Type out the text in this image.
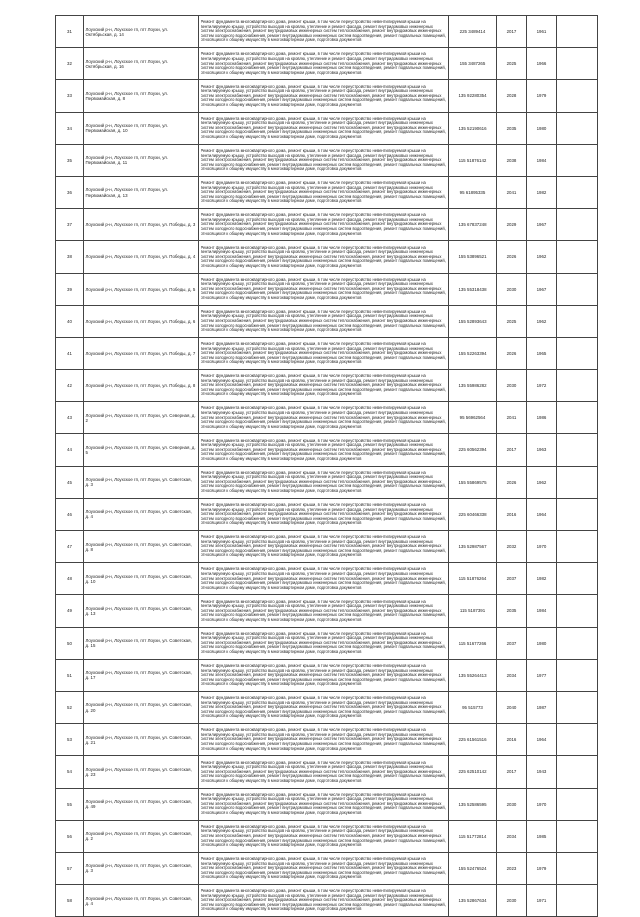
31	Лоухский р-н, Лоухское гп, пгт Лоухи, ул. Октябрьская, д. 14	Ремонт фундамента многоквартирного дома, ремонт крыши, в том числе переустройство невентилируемой крыши на вентилируемую крышу, устройство выходов на кровлю, утепление и ремонт фасада, ремонт внутридомовых инженерных систем электроснабжения, ремонт внутридомовых инженерных систем теплоснабжения, ремонт внутридомовых инженерных систем холодного водоснабжения, ремонт внутридомовых инженерных систем водоотведения, ремонт подвальных помещений, относящихся к общему имуществу в многоквартирном доме, подготовка документов	225 3489414	2017	1961	
32	Лоухский р-н, Лоухское гп, пгт Лоухи, ул. Октябрьская, д. 16	Ремонт фундамента многоквартирного дома, ремонт крыши, в том числе переустройство невентилируемой крыши на вентилируемую крышу, устройство выходов на кровлю, утепление и ремонт фасада, ремонт внутридомовых инженерных систем электроснабжения, ремонт внутридомовых инженерных систем теплоснабжения, ремонт внутридомовых инженерных систем холодного водоснабжения, ремонт внутридомовых инженерных систем водоотведения, ремонт подвальных помещений, относящихся к общему имуществу в многоквартирном доме, подготовка документов	155 3487265	2025	1966	
33	Лоухский р-н, Лоухское гп, пгт Лоухи, ул. Первомайская, д. 8	Ремонт фундамента многоквартирного дома, ремонт крыши, в том числе переустройство невентилируемой крыши на вентилируемую крышу, устройство выходов на кровлю, утепление и ремонт фасада, ремонт внутридомовых инженерных систем электроснабжения, ремонт внутридомовых инженерных систем теплоснабжения, ремонт внутридомовых инженерных систем холодного водоснабжения, ремонт внутридомовых инженерных систем водоотведения, ремонт подвальных помещений, относящихся к общему имуществу в многоквартирном доме, подготовка документов	135 92280354	2028	1979	
34	Лоухский р-н, Лоухское гп, пгт Лоухи, ул. Первомайская, д. 10	Ремонт фундамента многоквартирного дома, ремонт крыши, в том числе переустройство невентилируемой крыши на вентилируемую крышу, устройство выходов на кровлю, утепление и ремонт фасада, ремонт внутридомовых инженерных систем электроснабжения, ремонт внутридомовых инженерных систем теплоснабжения, ремонт внутридомовых инженерных систем холодного водоснабжения, ремонт внутридомовых инженерных систем водоотведения, ремонт подвальных помещений, относящихся к общему имуществу в многоквартирном доме, подготовка документов	135 52190616	2035	1980	
35	Лоухский р-н, Лоухское гп, пгт Лоухи, ул. Первомайская, д. 11	Ремонт фундамента многоквартирного дома, ремонт крыши, в том числе переустройство невентилируемой крыши на вентилируемую крышу, устройство выходов на кровлю, утепление и ремонт фасада, ремонт внутридомовых инженерных систем электроснабжения, ремонт внутридомовых инженерных систем теплоснабжения, ремонт внутридомовых инженерных систем холодного водоснабжения, ремонт внутридомовых инженерных систем водоотведения, ремонт подвальных помещений, относящихся к общему имуществу в многоквартирном доме, подготовка документов	115 51876142	2038	1984	
36	Лоухский р-н, Лоухское гп, пгт Лоухи, ул. Первомайская, д. 13	Ремонт фундамента многоквартирного дома, ремонт крыши, в том числе переустройство невентилируемой крыши на вентилируемую крышу, устройство выходов на кровлю, утепление и ремонт фасада, ремонт внутридомовых инженерных систем электроснабжения, ремонт внутридомовых инженерных систем теплоснабжения, ремонт внутридомовых инженерных систем холодного водоснабжения, ремонт внутридомовых инженерных систем водоотведения, ремонт подвальных помещений, относящихся к общему имуществу в многоквартирном доме, подготовка документов	95 61895335	2041	1982	
37	Лоухский р-н, Лоухское гп, пгт Лоухи, ул. Победы, д. 3	Ремонт фундамента многоквартирного дома, ремонт крыши, в том числе переустройство невентилируемой крыши на вентилируемую крышу, устройство выходов на кровлю, утепление и ремонт фасада, ремонт внутридомовых инженерных систем электроснабжения, ремонт внутридомовых инженерных систем теплоснабжения, ремонт внутридомовых инженерных систем холодного водоснабжения, ремонт внутридомовых инженерных систем водоотведения, ремонт подвальных помещений, относящихся к общему имуществу в многоквартирном доме, подготовка документов	135 67837248	2029	1967	
38	Лоухский р-н, Лоухское гп, пгт Лоухи, ул. Победы, д. 4	Ремонт фундамента многоквартирного дома, ремонт крыши, в том числе переустройство невентилируемой крыши на вентилируемую крышу, устройство выходов на кровлю, утепление и ремонт фасада, ремонт внутридомовых инженерных систем электроснабжения, ремонт внутридомовых инженерных систем теплоснабжения, ремонт внутридомовых инженерных систем холодного водоснабжения, ремонт внутридомовых инженерных систем водоотведения, ремонт подвальных помещений, относящихся к общему имуществу в многоквартирном доме, подготовка документов	155 53896521	2026	1962	
39	Лоухский р-н, Лоухское гп, пгт Лоухи, ул. Победы, д. 5	Ремонт фундамента многоквартирного дома, ремонт крыши, в том числе переустройство невентилируемой крыши на вентилируемую крышу, устройство выходов на кровлю, утепление и ремонт фасада, ремонт внутридомовых инженерных систем электроснабжения, ремонт внутридомовых инженерных систем теплоснабжения, ремонт внутридомовых инженерных систем холодного водоснабжения, ремонт внутридомовых инженерных систем водоотведения, ремонт подвальных помещений, относящихся к общему имуществу в многоквартирном доме, подготовка документов	135 55318438	2030	1967	
40	Лоухский р-н, Лоухское гп, пгт Лоухи, ул. Победы, д. 6	Ремонт фундамента многоквартирного дома, ремонт крыши, в том числе переустройство невентилируемой крыши на вентилируемую крышу, устройство выходов на кровлю, утепление и ремонт фасада, ремонт внутридомовых инженерных систем электроснабжения, ремонт внутридомовых инженерных систем теплоснабжения, ремонт внутридомовых инженерных систем холодного водоснабжения, ремонт внутридомовых инженерных систем водоотведения, ремонт подвальных помещений, относящихся к общему имуществу в многоквартирном доме, подготовка документов	155 52893643	2025	1962	
41	Лоухский р-н, Лоухское гп, пгт Лоухи, ул. Победы, д. 7	Ремонт фундамента многоквартирного дома, ремонт крыши, в том числе переустройство невентилируемой крыши на вентилируемую крышу, устройство выходов на кровлю, утепление и ремонт фасада, ремонт внутридомовых инженерных систем электроснабжения, ремонт внутридомовых инженерных систем теплоснабжения, ремонт внутридомовых инженерных систем холодного водоснабжения, ремонт внутридомовых инженерных систем водоотведения, ремонт подвальных помещений, относящихся к общему имуществу в многоквартирном доме, подготовка документов	155 52263394	2026	1965	
42	Лоухский р-н, Лоухское гп, пгт Лоухи, ул. Победы, д. 8	Ремонт фундамента многоквартирного дома, ремонт крыши, в том числе переустройство невентилируемой крыши на вентилируемую крышу, устройство выходов на кровлю, утепление и ремонт фасада, ремонт внутридомовых инженерных систем электроснабжения, ремонт внутридомовых инженерных систем теплоснабжения, ремонт внутридомовых инженерных систем холодного водоснабжения, ремонт внутридомовых инженерных систем водоотведения, ремонт подвальных помещений, относящихся к общему имуществу в многоквартирном доме, подготовка документов	135 55986282	2030	1972	
43	Лоухский р-н, Лоухское гп, пгт Лоухи, ул. Северная, д. 2	Ремонт фундамента многоквартирного дома, ремонт крыши, в том числе переустройство невентилируемой крыши на вентилируемую крышу, устройство выходов на кровлю, утепление и ремонт фасада, ремонт внутридомовых инженерных систем электроснабжения, ремонт внутридомовых инженерных систем теплоснабжения, ремонт внутридомовых инженерных систем холодного водоснабжения, ремонт внутридомовых инженерных систем водоотведения, ремонт подвальных помещений, относящихся к общему имуществу в многоквартирном доме, подготовка документов	95 56962564	2041	1986	
44	Лоухский р-н, Лоухское гп, пгт Лоухи, ул. Северная, д. 5	Ремонт фундамента многоквартирного дома, ремонт крыши, в том числе переустройство невентилируемой крыши на вентилируемую крышу, устройство выходов на кровлю, утепление и ремонт фасада, ремонт внутридомовых инженерных систем электроснабжения, ремонт внутридомовых инженерных систем теплоснабжения, ремонт внутридомовых инженерных систем холодного водоснабжения, ремонт внутридомовых инженерных систем водоотведения, ремонт подвальных помещений, относящихся к общему имуществу в многоквартирном доме, подготовка документов	225 60562394	2017	1963	
45	Лоухский р-н, Лоухское гп, пгт Лоухи, ул. Советская, д. 3	Ремонт фундамента многоквартирного дома, ремонт крыши, в том числе переустройство невентилируемой крыши на вентилируемую крышу, устройство выходов на кровлю, утепление и ремонт фасада, ремонт внутридомовых инженерных систем электроснабжения, ремонт внутридомовых инженерных систем теплоснабжения, ремонт внутридомовых инженерных систем холодного водоснабжения, ремонт внутридомовых инженерных систем водоотведения, ремонт подвальных помещений, относящихся к общему имуществу в многоквартирном доме, подготовка документов	155 55869575	2026	1962	
46	Лоухский р-н, Лоухское гп, пгт Лоухи, ул. Советская, д. 4	Ремонт фундамента многоквартирного дома, ремонт крыши, в том числе переустройство невентилируемой крыши на вентилируемую крышу, устройство выходов на кровлю, утепление и ремонт фасада, ремонт внутридомовых инженерных систем электроснабжения, ремонт внутридомовых инженерных систем теплоснабжения, ремонт внутридомовых инженерных систем холодного водоснабжения, ремонт внутридомовых инженерных систем водоотведения, ремонт подвальных помещений, относящихся к общему имуществу в многоквартирном доме, подготовка документов	225 60466338	2016	1964	
47	Лоухский р-н, Лоухское гп, пгт Лоухи, ул. Советская, д. 8	Ремонт фундамента многоквартирного дома, ремонт крыши, в том числе переустройство невентилируемой крыши на вентилируемую крышу, устройство выходов на кровлю, утепление и ремонт фасада, ремонт внутридомовых инженерных систем электроснабжения, ремонт внутридомовых инженерных систем теплоснабжения, ремонт внутридомовых инженерных систем холодного водоснабжения, ремонт внутридомовых инженерных систем водоотведения, ремонт подвальных помещений, относящихся к общему имуществу в многоквартирном доме, подготовка документов	135 52987567	2032	1970	
48	Лоухский р-н, Лоухское гп, пгт Лоухи, ул. Советская, д. 10	Ремонт фундамента многоквартирного дома, ремонт крыши, в том числе переустройство невентилируемой крыши на вентилируемую крышу, устройство выходов на кровлю, утепление и ремонт фасада, ремонт внутридомовых инженерных систем электроснабжения, ремонт внутридомовых инженерных систем теплоснабжения, ремонт внутридомовых инженерных систем холодного водоснабжения, ремонт внутридомовых инженерных систем водоотведения, ремонт подвальных помещений, относящихся к общему имуществу в многоквартирном доме, подготовка документов	115 51876264	2037	1982	
49	Лоухский р-н, Лоухское гп, пгт Лоухи, ул. Советская, д. 13	Ремонт фундамента многоквартирного дома, ремонт крыши, в том числе переустройство невентилируемой крыши на вентилируемую крышу, устройство выходов на кровлю, утепление и ремонт фасада, ремонт внутридомовых инженерных систем электроснабжения, ремонт внутридомовых инженерных систем теплоснабжения, ремонт внутридомовых инженерных систем холодного водоснабжения, ремонт внутридомовых инженерных систем водоотведения, ремонт подвальных помещений, относящихся к общему имуществу в многоквартирном доме, подготовка документов	115 5187391	2035	1984	
50	Лоухский р-н, Лоухское гп, пгт Лоухи, ул. Советская, д. 15	Ремонт фундамента многоквартирного дома, ремонт крыши, в том числе переустройство невентилируемой крыши на вентилируемую крышу, устройство выходов на кровлю, утепление и ремонт фасада, ремонт внутридомовых инженерных систем электроснабжения, ремонт внутридомовых инженерных систем теплоснабжения, ремонт внутридомовых инженерных систем холодного водоснабжения, ремонт внутридомовых инженерных систем водоотведения, ремонт подвальных помещений, относящихся к общему имуществу в многоквартирном доме, подготовка документов	115 51677266	2037	1980	
51	Лоухский р-н, Лоухское гп, пгт Лоухи, ул. Советская, д. 17	Ремонт фундамента многоквартирного дома, ремонт крыши, в том числе переустройство невентилируемой крыши на вентилируемую крышу, устройство выходов на кровлю, утепление и ремонт фасада, ремонт внутридомовых инженерных систем электроснабжения, ремонт внутридомовых инженерных систем теплоснабжения, ремонт внутридомовых инженерных систем холодного водоснабжения, ремонт внутридомовых инженерных систем водоотведения, ремонт подвальных помещений, относящихся к общему имуществу в многоквартирном доме, подготовка документов	135 55264413	2034	1977	
52	Лоухский р-н, Лоухское гп, пгт Лоухи, ул. Советская, д. 20	Ремонт фундамента многоквартирного дома, ремонт крыши, в том числе переустройство невентилируемой крыши на вентилируемую крышу, устройство выходов на кровлю, утепление и ремонт фасада, ремонт внутридомовых инженерных систем электроснабжения, ремонт внутридомовых инженерных систем теплоснабжения, ремонт внутридомовых инженерных систем холодного водоснабжения, ремонт внутридомовых инженерных систем водоотведения, ремонт подвальных помещений, относящихся к общему имуществу в многоквартирном доме, подготовка документов	95 515773	2040	1987	
53	Лоухский р-н, Лоухское гп, пгт Лоухи, ул. Советская, д. 21	Ремонт фундамента многоквартирного дома, ремонт крыши, в том числе переустройство невентилируемой крыши на вентилируемую крышу, устройство выходов на кровлю, утепление и ремонт фасада, ремонт внутридомовых инженерных систем электроснабжения, ремонт внутридомовых инженерных систем теплоснабжения, ремонт внутридомовых инженерных систем холодного водоснабжения, ремонт внутридомовых инженерных систем водоотведения, ремонт подвальных помещений, относящихся к общему имуществу в многоквартирном доме, подготовка документов	225 61561516	2016	1964	
54	Лоухский р-н, Лоухское гп, пгт Лоухи, ул. Советская, д. 23	Ремонт фундамента многоквартирного дома, ремонт крыши, в том числе переустройство невентилируемой крыши на вентилируемую крышу, устройство выходов на кровлю, утепление и ремонт фасада, ремонт внутридомовых инженерных систем электроснабжения, ремонт внутридомовых инженерных систем теплоснабжения, ремонт внутридомовых инженерных систем холодного водоснабжения, ремонт внутридомовых инженерных систем водоотведения, ремонт подвальных помещений, относящихся к общему имуществу в многоквартирном доме, подготовка документов	225 62510142	2017	1943	
55	Лоухский р-н, Лоухское гп, пгт Лоухи, ул. Советская, д. 49	Ремонт фундамента многоквартирного дома, ремонт крыши, в том числе переустройство невентилируемой крыши на вентилируемую крышу, устройство выходов на кровлю, утепление и ремонт фасада, ремонт внутридомовых инженерных систем электроснабжения, ремонт внутридомовых инженерных систем теплоснабжения, ремонт внутридомовых инженерных систем холодного водоснабжения, ремонт внутридомовых инженерных систем водоотведения, ремонт подвальных помещений, относящихся к общему имуществу в многоквартирном доме, подготовка документов	135 52586595	2030	1970	
56	Лоухский р-н, Лоухское гп, пгт Лоухи, ул. Советская, д. 2	Ремонт фундамента многоквартирного дома, ремонт крыши, в том числе переустройство невентилируемой крыши на вентилируемую крышу, устройство выходов на кровлю, утепление и ремонт фасада, ремонт внутридомовых инженерных систем электроснабжения, ремонт внутридомовых инженерных систем теплоснабжения, ремонт внутридомовых инженерных систем холодного водоснабжения, ремонт внутридомовых инженерных систем водоотведения, ремонт подвальных помещений, относящихся к общему имуществу в многоквартирном доме, подготовка документов	115 51772814	2034	1985	
57	Лоухский р-н, Лоухское гп, пгт Лоухи, ул. Советская, д. 3	Ремонт фундамента многоквартирного дома, ремонт крыши, в том числе переустройство невентилируемой крыши на вентилируемую крышу, устройство выходов на кровлю, утепление и ремонт фасада, ремонт внутридомовых инженерных систем электроснабжения, ремонт внутридомовых инженерных систем теплоснабжения, ремонт внутридомовых инженерных систем холодного водоснабжения, ремонт внутридомовых инженерных систем водоотведения, ремонт подвальных помещений, относящихся к общему имуществу в многоквартирном доме, подготовка документов	155 52476524	2023	1979	
58	Лоухский р-н, Лоухское гп, пгт Лоухи, ул. Советская, д. 4	Ремонт фундамента многоквартирного дома, ремонт крыши, в том числе переустройство невентилируемой крыши на вентилируемую крышу, устройство выходов на кровлю, утепление и ремонт фасада, ремонт внутридомовых инженерных систем электроснабжения, ремонт внутридомовых инженерных систем теплоснабжения, ремонт внутридомовых инженерных систем холодного водоснабжения, ремонт внутридомовых инженерных систем водоотведения, ремонт подвальных помещений, относящихся к общему имуществу в многоквартирном доме, подготовка документов	135 52867634	2030	1971	
